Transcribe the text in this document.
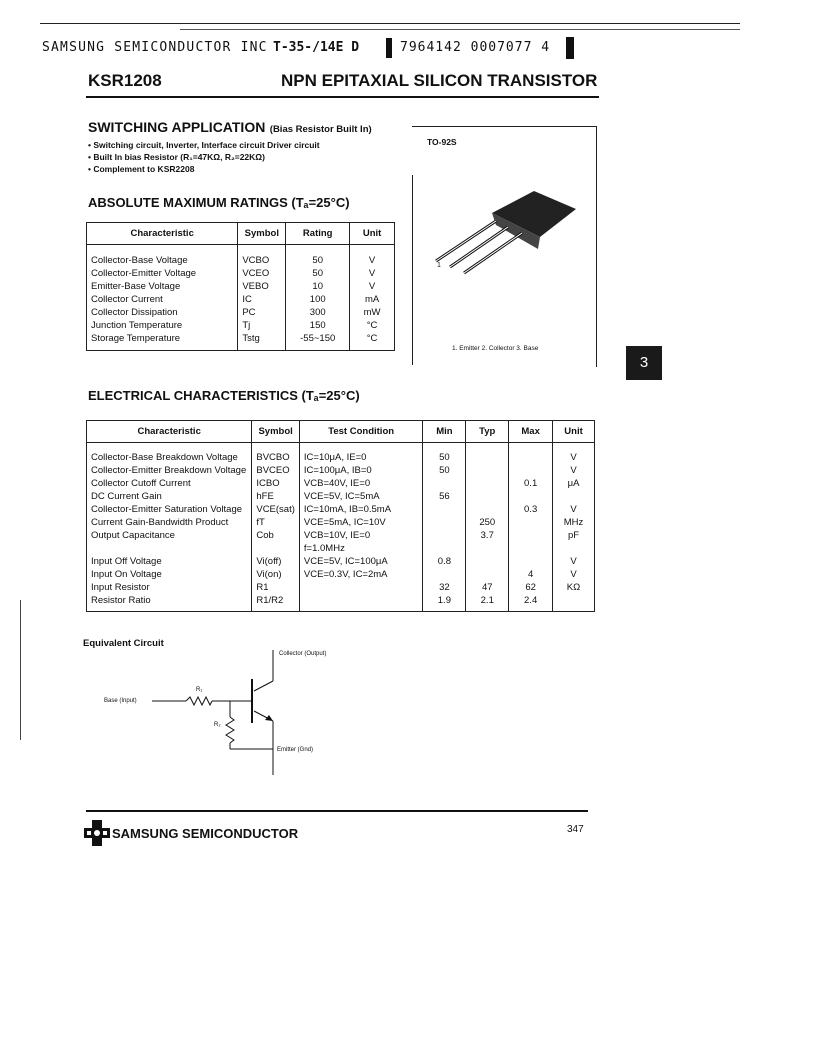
SAMSUNG SEMICONDUCTOR INC T-35-/14E D	7964142 0007077 4
KSR1208	NPN EPITAXIAL SILICON TRANSISTOR
SWITCHING APPLICATION (Bias Resistor Built In)
• Switching circuit, Inverter, Interface circuit Driver circuit
• Built In bias Resistor (R₁=47KΩ, R₂=22KΩ)
• Complement to KSR2208
TO-92S
1
1. Emitter 2. Collector 3. Base
ABSOLUTE MAXIMUM RATINGS (Tₐ=25°C)
Characteristic	Symbol	Rating	Unit
Collector-Base Voltage	VCBO	50	V
Collector-Emitter Voltage	VCEO	50	V
Emitter-Base Voltage	VEBO	10	V
Collector Current	IC	100	mA
Collector Dissipation	PC	300	mW
Junction Temperature	Tj	150	°C
Storage Temperature	Tstg	-55~150	°C
3
ELECTRICAL CHARACTERISTICS (Tₐ=25°C)
Characteristic	Symbol	Test Condition	Min	Typ	Max	Unit
Collector-Base Breakdown Voltage	BVCBO	IC=10μA, IE=0	50			V
Collector-Emitter Breakdown Voltage	BVCEO	IC=100μA, IB=0	50			V
Collector Cutoff Current	ICBO	VCB=40V, IE=0			0.1	μA
DC Current Gain	hFE	VCE=5V, IC=5mA	56			
Collector-Emitter Saturation Voltage	VCE(sat)	IC=10mA, IB=0.5mA			0.3	V
Current Gain-Bandwidth Product	fT	VCE=5mA, IC=10V		250		MHz
Output Capacitance	Cob	VCB=10V, IE=0		3.7		pF
		f=1.0MHz				
Input Off Voltage	Vi(off)	VCE=5V, IC=100μA	0.8			V
Input On Voltage	Vi(on)	VCE=0.3V, IC=2mA			4	V
Input Resistor	R1		32	47	62	KΩ
Resistor Ratio	R1/R2		1.9	2.1	2.4	
Equivalent Circuit
Collector (Output)
Base (Input)
R₁
R₂
Emitter (Gnd)
SAMSUNG SEMICONDUCTOR	347
